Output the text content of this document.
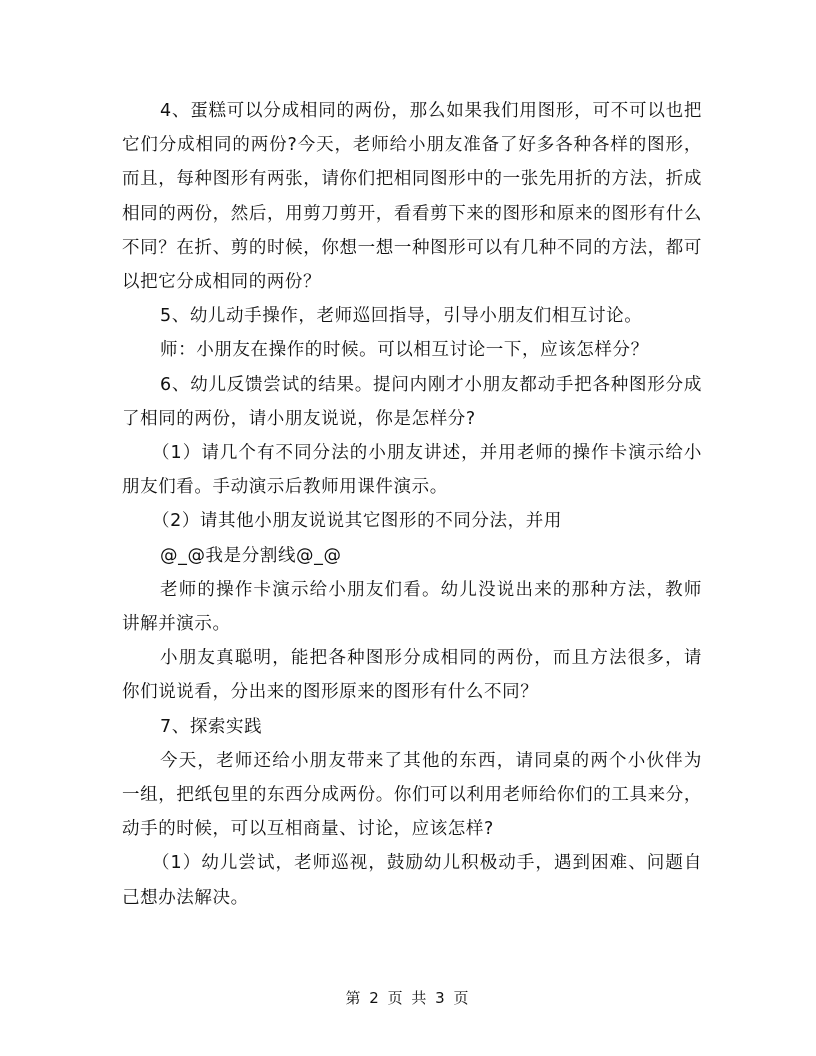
4、蛋糕可以分成相同的两份，那么如果我们用图形，可不可以也把它们分成相同的两份?今天，老师给小朋友准备了好多各种各样的图形，而且，每种图形有两张，请你们把相同图形中的一张先用折的方法，折成相同的两份，然后，用剪刀剪开，看看剪下来的图形和原来的图形有什么不同？在折、剪的时候，你想一想一种图形可以有几种不同的方法，都可以把它分成相同的两份？

5、幼儿动手操作，老师巡回指导，引导小朋友们相互讨论。

师：小朋友在操作的时候。可以相互讨论一下，应该怎样分？

6、幼儿反馈尝试的结果。提问内刚才小朋友都动手把各种图形分成了相同的两份，请小朋友说说，你是怎样分?

（1）请几个有不同分法的小朋友讲述，并用老师的操作卡演示给小朋友们看。手动演示后教师用课件演示。

（2）请其他小朋友说说其它图形的不同分法，并用

@_@我是分割线@_@

老师的操作卡演示给小朋友们看。幼儿没说出来的那种方法，教师讲解并演示。

小朋友真聪明，能把各种图形分成相同的两份，而且方法很多，请你们说说看，分出来的图形原来的图形有什么不同？

7、探索实践

今天，老师还给小朋友带来了其他的东西，请同桌的两个小伙伴为一组，把纸包里的东西分成两份。你们可以利用老师给你们的工具来分，动手的时候，可以互相商量、讨论，应该怎样?

（1）幼儿尝试，老师巡视，鼓励幼儿积极动手，遇到困难、问题自己想办法解决。

第 2 页 共 3 页
